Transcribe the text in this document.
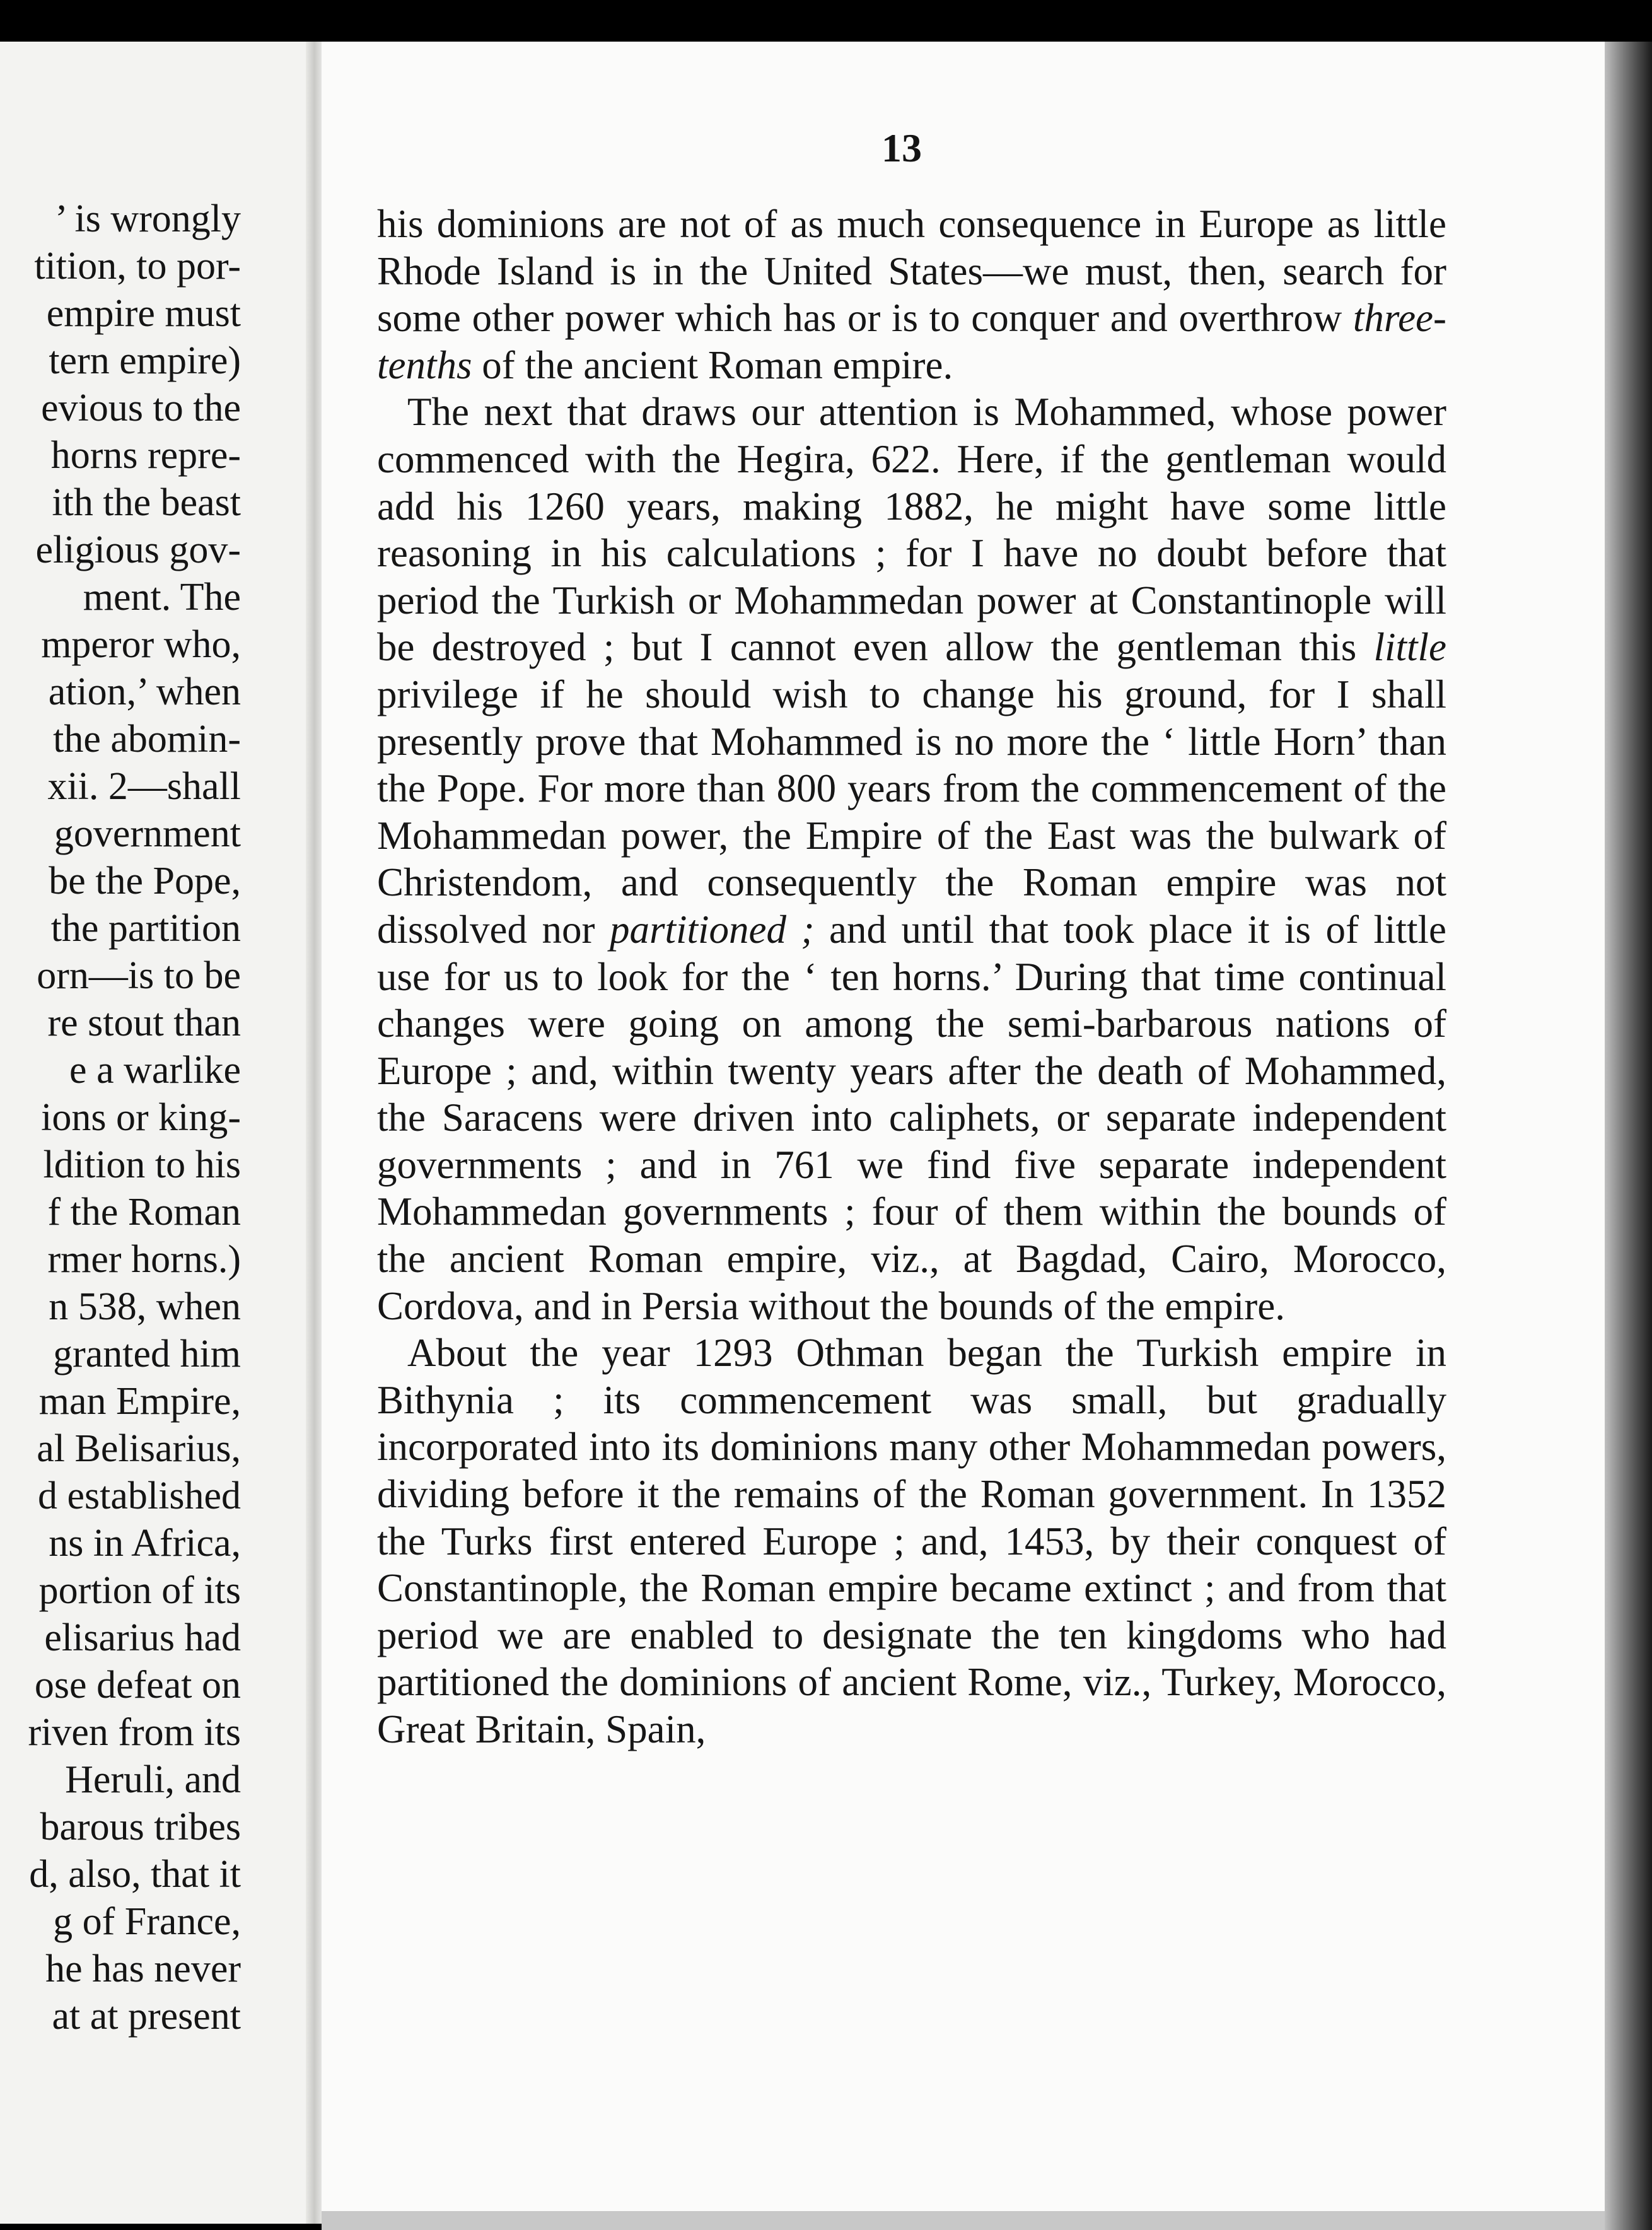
’ is wrongly
tition, to por-
empire must
tern empire)
evious to the
horns repre-
ith the beast
eligious gov-
ment. The
mperor who,
ation,’ when
the abomin-
xii. 2—shall
government
be the Pope,
the partition
orn—is to be
re stout than
e a warlike
ions or king-
ldition to his
f the Roman
rmer horns.)
n 538, when
granted him
man Empire,
al Belisarius,
d established
ns in Africa,
portion of its
elisarius had
ose defeat on
riven from its
Heruli, and
barous tribes
d, also, that it
g of France,
he has never
at at present
13

his dominions are not of as much consequence in Europe as little Rhode Island is in the United States—we must, then, search for some other power which has or is to conquer and overthrow three-tenths of the ancient Roman empire.

The next that draws our attention is Mohammed, whose power commenced with the Hegira, 622. Here, if the gentleman would add his 1260 years, making 1882, he might have some little reasoning in his calculations ; for I have no doubt before that period the Turkish or Mohammedan power at Constantinople will be destroyed ; but I cannot even allow the gentleman this little privilege if he should wish to change his ground, for I shall presently prove that Mohammed is no more the ‘ little Horn’ than the Pope. For more than 800 years from the commencement of the Mohammedan power, the Empire of the East was the bulwark of Christendom, and consequently the Roman empire was not dissolved nor partitioned ; and until that took place it is of little use for us to look for the ‘ ten horns.’ During that time continual changes were going on among the semi-barbarous nations of Europe ; and, within twenty years after the death of Mohammed, the Saracens were driven into caliphets, or separate independent governments ; and in 761 we find five separate independent Mohammedan governments ; four of them within the bounds of the ancient Roman empire, viz., at Bagdad, Cairo, Morocco, Cordova, and in Persia without the bounds of the empire.

About the year 1293 Othman began the Turkish empire in Bithynia ; its commencement was small, but gradually incorporated into its dominions many other Mohammedan powers, dividing before it the remains of the Roman government. In 1352 the Turks first entered Europe ; and, 1453, by their conquest of Constantinople, the Roman empire became extinct ; and from that period we are enabled to designate the ten kingdoms who had partitioned the dominions of ancient Rome, viz., Turkey, Morocco, Great Britain, Spain,
